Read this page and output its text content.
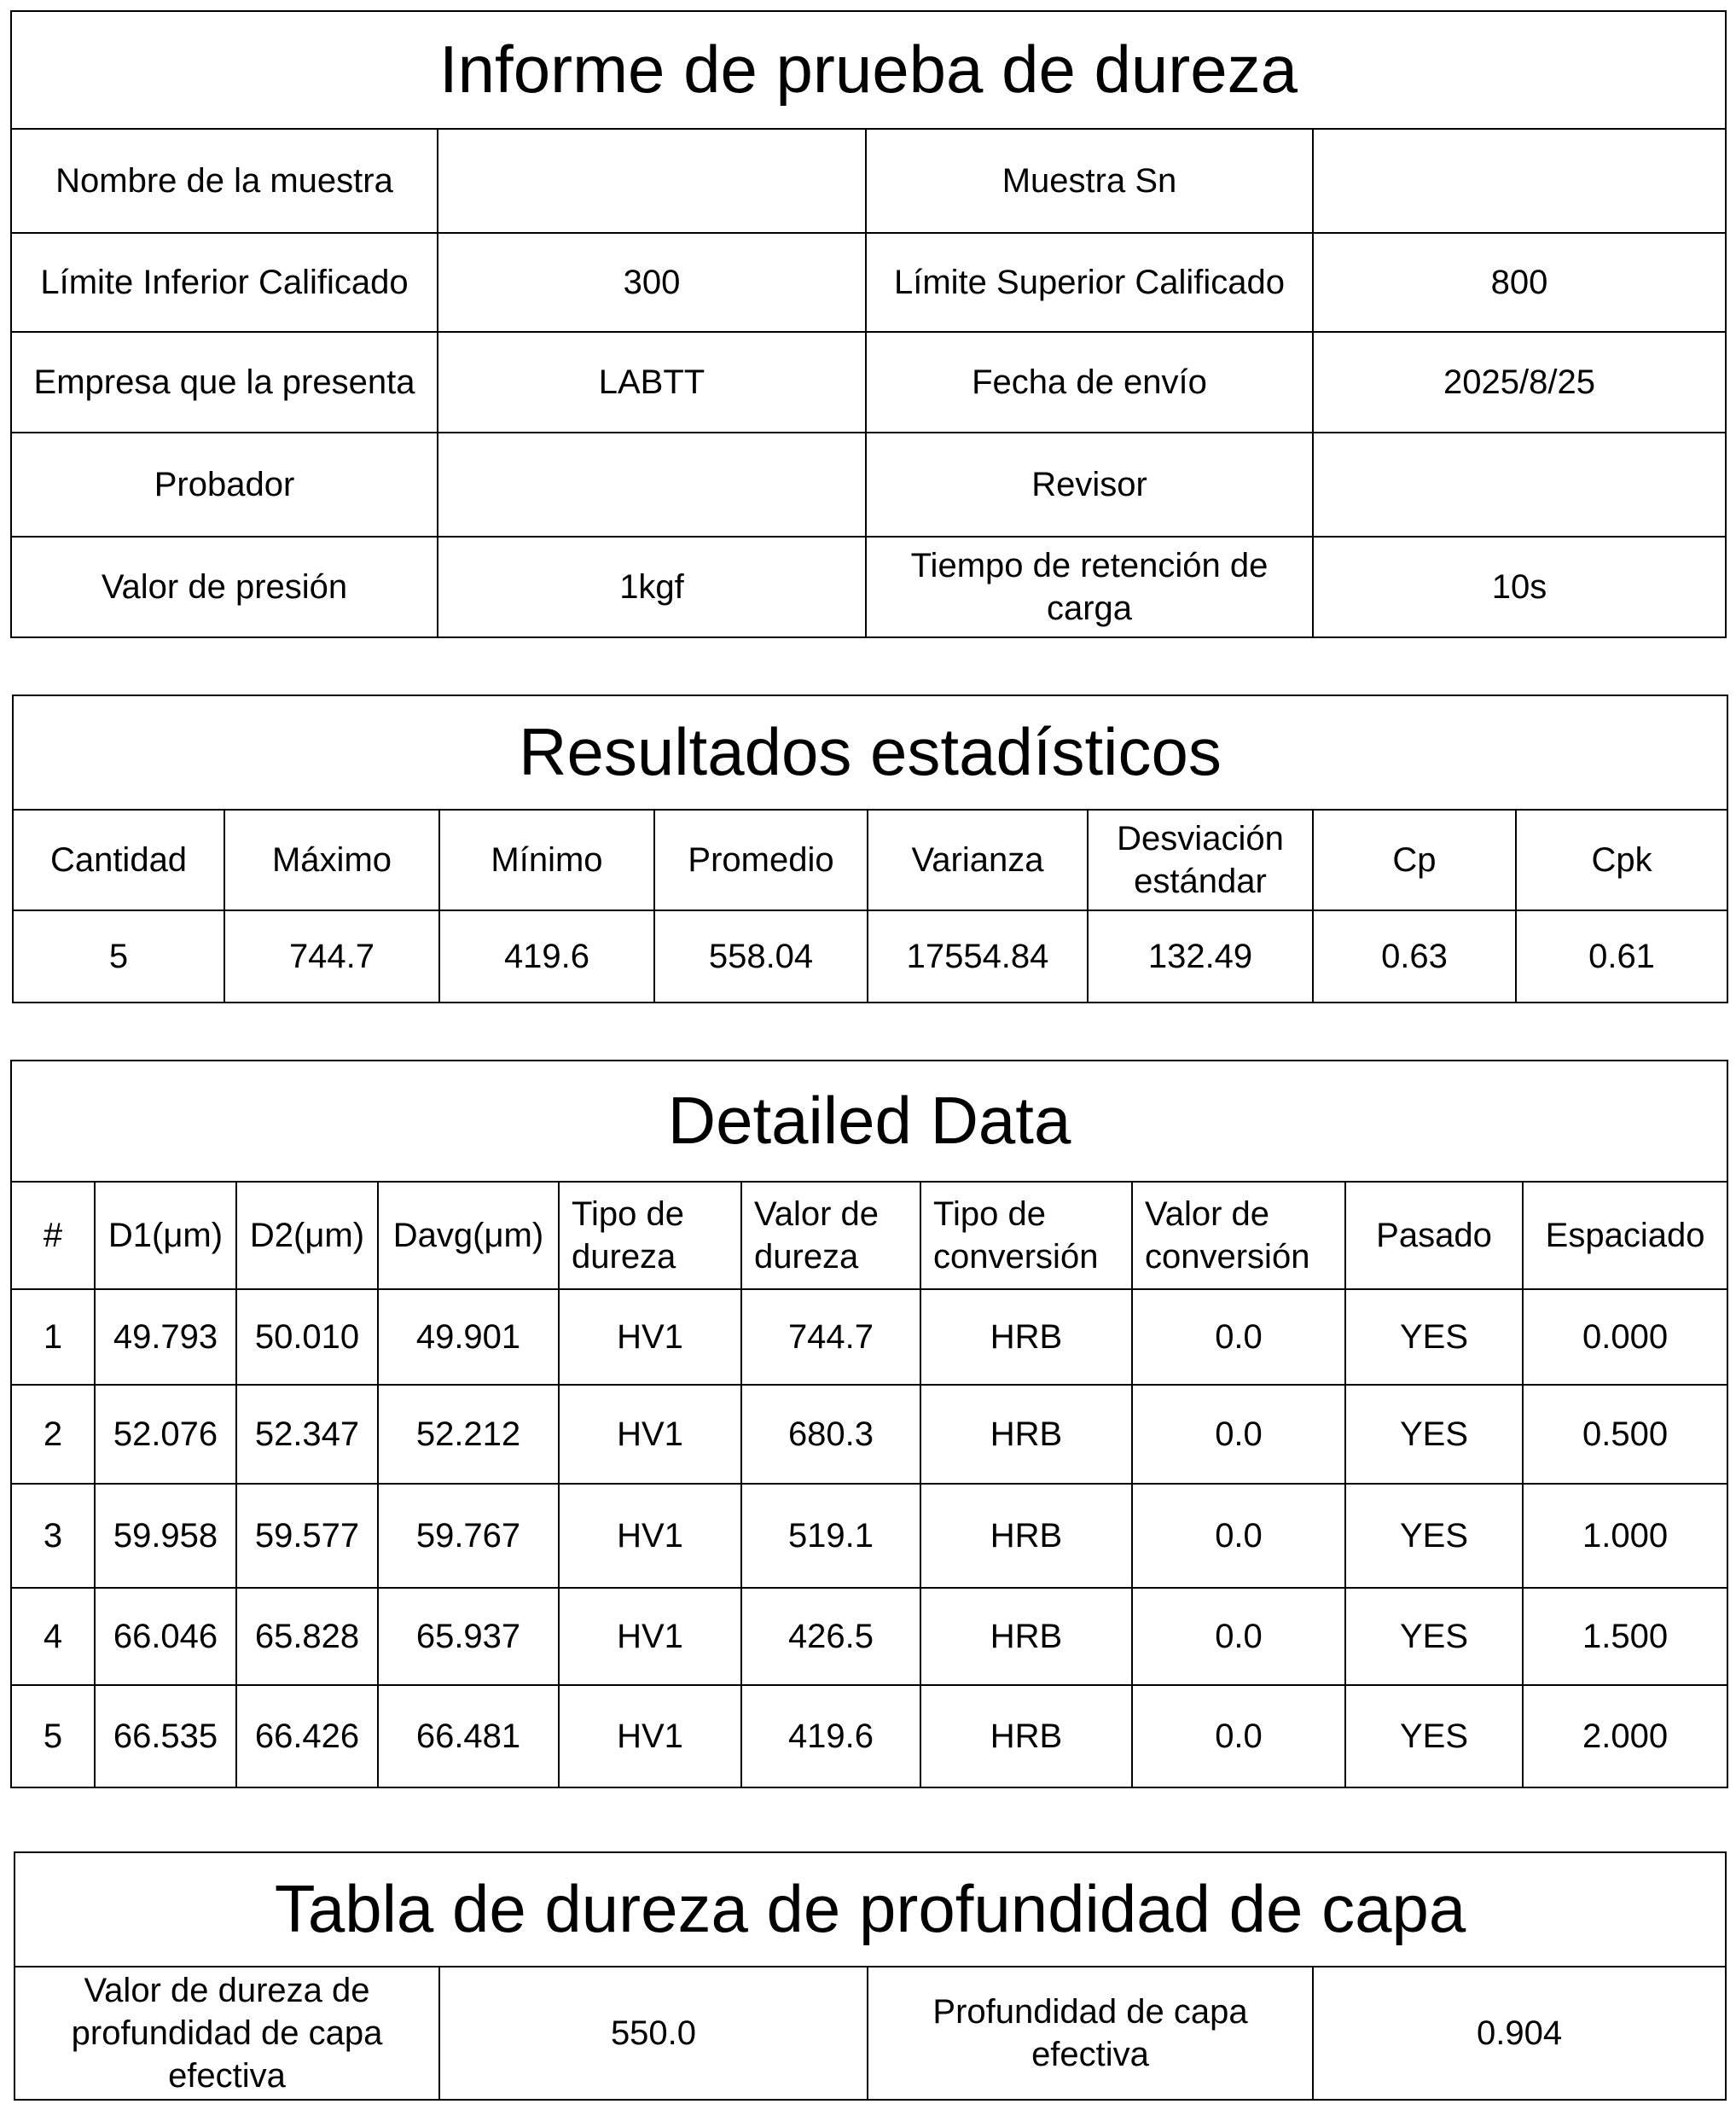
Informe de prueba de dureza			
Nombre de la muestra		Muestra Sn	
Límite Inferior Calificado	300	Límite Superior Calificado	800
Empresa que la presenta	LABTT	Fecha de envío	2025/8/25
Probador		Revisor	
Valor de presión	1kgf	Tiempo de retención de carga	10s
Resultados estadísticos							
Cantidad	Máximo	Mínimo	Promedio	Varianza	Desviación estándar	Cp	Cpk
5	744.7	419.6	558.04	17554.84	132.49	0.63	0.61
Detailed Data									
#	D1(μm)	D2(μm)	Davg(μm)	Tipo de dureza	Valor de dureza	Tipo de conversión	Valor de conversión	Pasado	Espaciado
1	49.793	50.010	49.901	HV1	744.7	HRB	0.0	YES	0.000
2	52.076	52.347	52.212	HV1	680.3	HRB	0.0	YES	0.500
3	59.958	59.577	59.767	HV1	519.1	HRB	0.0	YES	1.000
4	66.046	65.828	65.937	HV1	426.5	HRB	0.0	YES	1.500
5	66.535	66.426	66.481	HV1	419.6	HRB	0.0	YES	2.000
Tabla de dureza de profundidad de capa
Valor de dureza de profundidad de capa efectiva	550.0	Profundidad de capa efectiva	0.904
